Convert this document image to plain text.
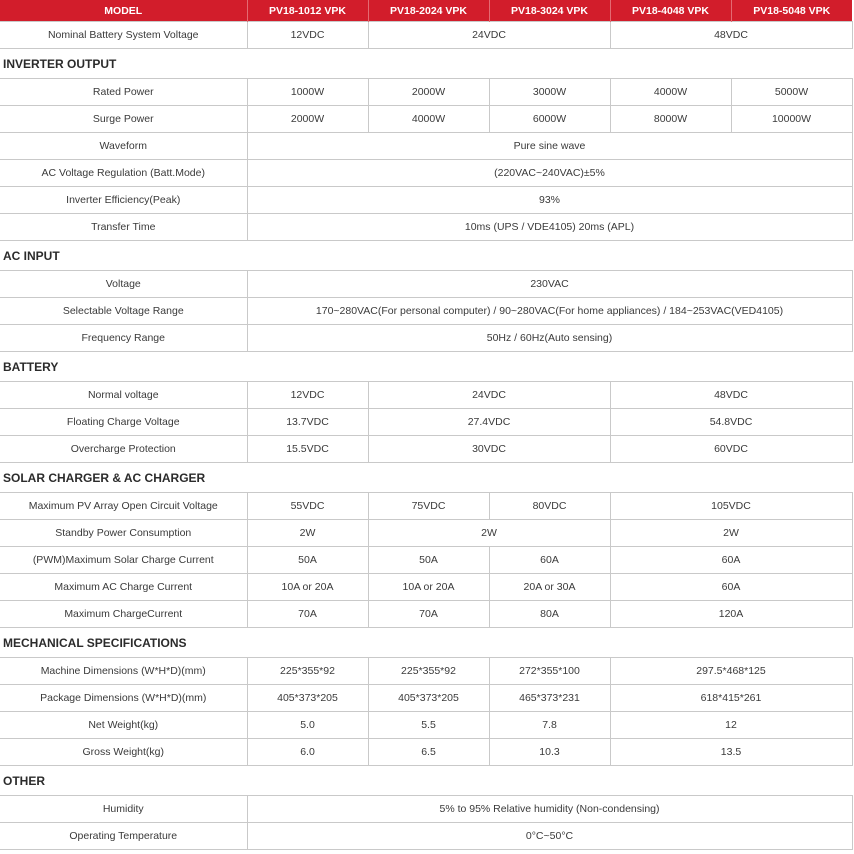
MODEL	PV18-1012 VPK	PV18-2024 VPK	PV18-3024 VPK	PV18-4048 VPK	PV18-5048 VPK
Nominal Battery System Voltage	12VDC	24VDC		48VDC	
INVERTER OUTPUT					
Rated Power	1000W	2000W	3000W	4000W	5000W
Surge Power	2000W	4000W	6000W	8000W	10000W
Waveform	Pure sine wave				
AC Voltage Regulation (Batt.Mode)	(220VAC~240VAC)±5%				
Inverter Efficiency(Peak)	93%				
Transfer Time	10ms (UPS / VDE4105) 20ms (APL)				
AC INPUT					
Voltage	230VAC				
Selectable Voltage Range	170~280VAC(For personal computer) / 90~280VAC(For home appliances) / 184~253VAC(VED4105)				
Frequency Range	50Hz / 60Hz(Auto sensing)				
BATTERY					
Normal voltage	12VDC	24VDC		48VDC	
Floating Charge Voltage	13.7VDC	27.4VDC		54.8VDC	
Overcharge Protection	15.5VDC	30VDC		60VDC	
SOLAR CHARGER & AC CHARGER					
Maximum PV Array Open Circuit Voltage	55VDC	75VDC	80VDC	105VDC	
Standby Power Consumption	2W	2W		2W	
(PWM)Maximum Solar Charge Current	50A	50A	60A	60A	
Maximum AC Charge Current	10A or 20A	10A or 20A	20A or 30A	60A	
Maximum ChargeCurrent	70A	70A	80A	120A	
MECHANICAL SPECIFICATIONS					
Machine Dimensions (W*H*D)(mm)	225*355*92	225*355*92	272*355*100	297.5*468*125	
Package Dimensions (W*H*D)(mm)	405*373*205	405*373*205	465*373*231	618*415*261	
Net Weight(kg)	5.0	5.5	7.8	12	
Gross Weight(kg)	6.0	6.5	10.3	13.5	
OTHER					
Humidity	5% to 95% Relative humidity (Non-condensing)				
Operating Temperature	0°C~50°C				
